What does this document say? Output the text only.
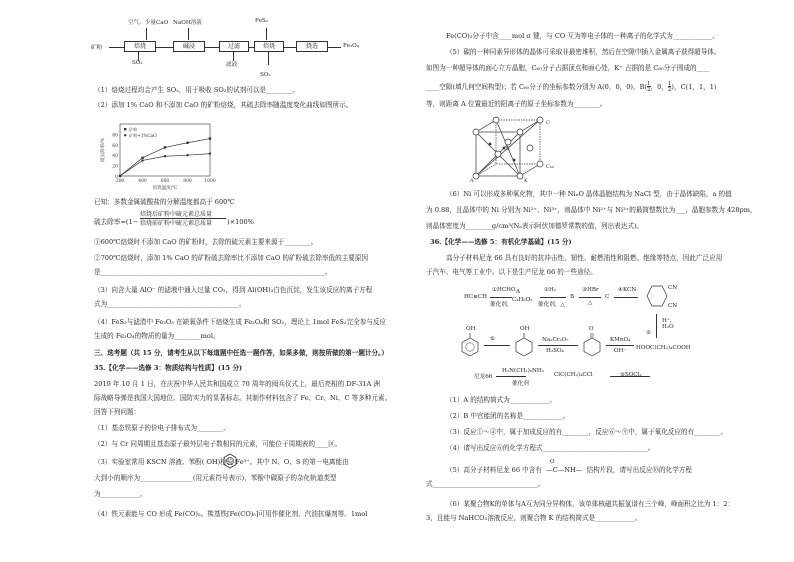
空气、少量CaO NaOH溶液	FeS₂
矿粉	焙烧	碱浸	过滤	焙烧	烧选	Fe₃O₄
SO₂	滤液
SO₂
（1）焙烧过程均会产生 SO₂，用于吸收 SO₂的试剂可以是________。
（2）添加 1% CaO 和不添加 CaO 的矿粉焙烧，其硫去除率随温度变化曲线如图所示。
0
20
40
60
80
200	400	600	800	1000
焙烧温度/℃
硫去除率/%
矿粉
矿粉+1%CaO
已知：多数金属硫酸盐的分解温度都高于 600℃
硫去除率=(1−
焙烧后矿粉中硫元素总质量
焙烧前矿粉中硫元素总质量 )×100%
①600℃焙烧时不添加 CaO 的矿粉时，去除的硫元素主要来源于________。
②700℃焙烧时，添加 1% CaO 的矿粉硫去除率比不添加 CaO 的矿粉硫去除率低的主要原因
是____________________________________________________________________。
（3）向含大量 AlO⁻ 的滤液中通入过量 CO₂，得到 Al(OH)₃白色沉淀，发生该反应的离子方程
式为________________________________________。
（4）FeS₂与滤渣中 Fe₂O₃ 在缺氧条件下焙烧生成 Fe₃O₄和 SO₂，理论上 1mol FeS₂完全参与反应
生成的 Fe₃O₄的物质的量为________mol。
三、选考题（共 15 分，请考生从以下每道题中任选一题作答，如果多做，则按所做的第一题计分。）
35.【化学——选修 3：物质结构与性质】(15 分)
2019 年 10 月 1 日，在庆祝中华人民共和国成立 70 周年的阅兵仪式上，最后亮相的 DF-31A 洲
际战略导弹是我国大国地位、国防实力的显著标志。其制作材料包含了 Fe、Cr、Ni、C 等多种元素。
回答下列问题：
（1）基态铁原子的价电子排布式为________。
（2）与 Cr 同周期且基态原子最外层电子数相同的元素，可能位于周期表的____区。
（3）实验室常用 KSCN 溶液、苯酚( OH)检验 Fe³⁺。其中 N、O、S 的第一电离能由
大到小的顺序为________________(用元素符号表示)，苯酚中碳原子的杂化轨道类型
为____________。
（4）铁元素能与 CO 形成 Fe(CO)₅。羰基铁[Fe(CO)₅]可用作催化剂、汽油抗爆剂等。1mol
Fe(CO)₅分子中含____mol σ 键，与 CO 互为等电子体的一种离子的化学式为____________。
（5）碳的一种同素异形体的晶体可采取非最密堆积，然后在空隙中插入金属离子获得超导体。
如图为一种超导体的面心立方晶胞，C₆₀分子占据顶点和面心处，K⁺ 占据的是 C₆₀分子围成的____
____空隙(填几何空间构型)；若 C₆₀分子的坐标参数分别为 A(0，0，0)，$B(\frac{1}{2}$，0，$\frac{1}{2}$)，C(1，1，1)
等，则距离 A 位置最近的阳离子的原子坐标参数为________。
C
A
B
K
C₆₀
（6）Ni 可以形成多种氧化物，其中一种 NiₓO 晶体晶胞结构为 NaCl 型，由于晶体缺陷，a 的值
为 0.88，且晶体中的 Ni 分别为 Ni²⁺、Ni³⁺，则晶体中 Ni²⁺与 Ni³⁺的最简整数比为___，晶胞参数为 428pm，
则晶体密度为________g/cm³(Nₐ表示阿伏加德罗常数的值，列出表达式)。
36.【化学——选修 5：有机化学基础】(15 分)
高分子材料尼龙 66 具有良好的抗冲击性、韧性、耐燃油性和阻燃、绝缘等特点，因此广泛应用
于汽车、电气等工业中。以下是生产尼龙 66 的一些途径。
HC≡CH
①HCHO
催化剂，
A
C₄H₆O₂
②H₂
催化剂，△
B
③HBr
△
C
④KCN	CN
CN
H⁺，
H₂O
⑤
HOOC(CH₂)₄COOH
OH
⑥
OH
Na₂Cr₂O₇
H₂SO₄
O
KMnO₄
OH⁻
尼龙66
H₂N(CH₂)₆NH₂
催化剂
ClC(CH₂)₄CCl	⑨SOCl₂
（1）A 的结构简式为____________。
（2）B 中官能团的名称是____________。
（3）反应①～④中，属于加成反应的有________，反应⑥～⑨中，属于氧化反应的有________。
（4）请写出反应⑥的化学方程式________________________________。
（5）高分子材料尼龙 66 中含有
O
—C—NH— 结构片段，请写出反应⑩的化学方程
式________________________________。
（6）某聚合物K的单体与A互为同分异构体，该单体核磁共振氢谱有三个峰，峰面积之比为 1：2：
3，且能与 NaHCO₃溶液反应，则聚合物 K 的结构简式是____________。
